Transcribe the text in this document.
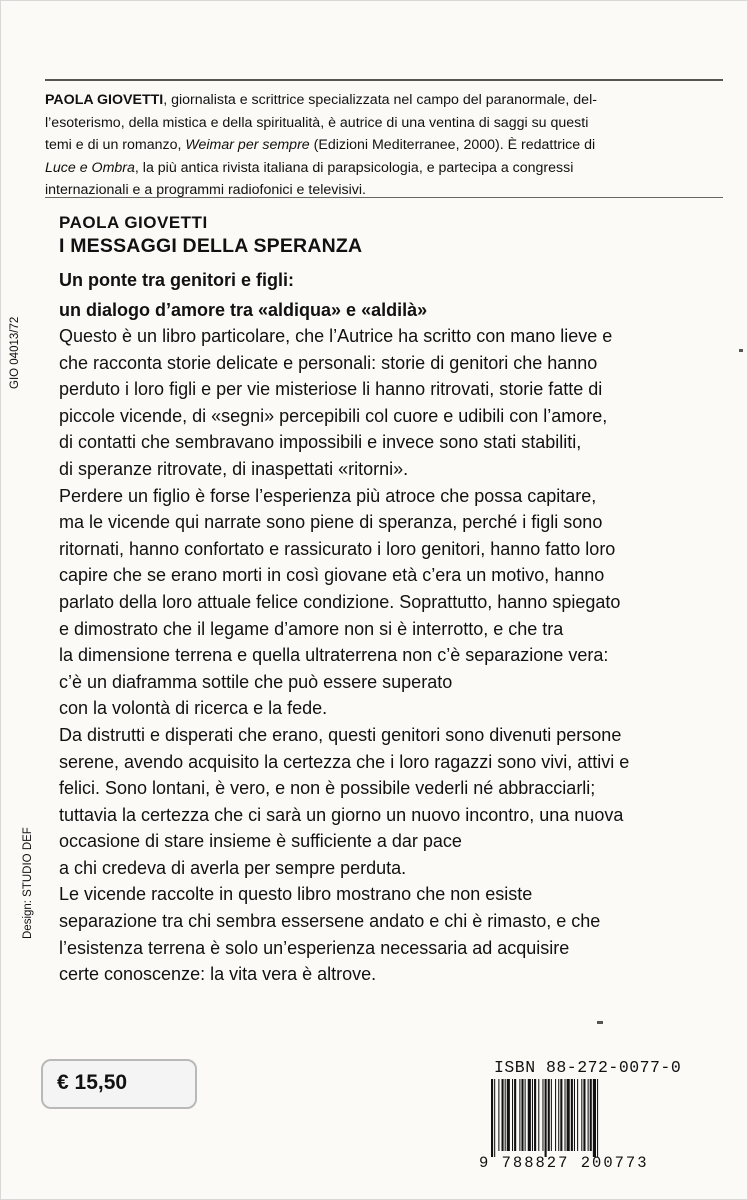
PAOLA GIOVETTI, giornalista e scrittrice specializzata nel campo del paranormale, del-
l’esoterismo, della mistica e della spiritualità, è autrice di una ventina di saggi su questi
temi e di un romanzo, Weimar per sempre (Edizioni Mediterranee, 2000). È redattrice di
Luce e Ombra, la più antica rivista italiana di parapsicologia, e partecipa a congressi
internazionali e a programmi radiofonici e televisivi.
PAOLA GIOVETTI
I MESSAGGI DELLA SPERANZA
Un ponte tra genitori e figli:
un dialogo d’amore tra «aldiqua» e «aldilà»
Questo è un libro particolare, che l’Autrice ha scritto con mano lieve e
che racconta storie delicate e personali: storie di genitori che hanno
perduto i loro figli e per vie misteriose li hanno ritrovati, storie fatte di
piccole vicende, di «segni» percepibili col cuore e udibili con l’amore,
di contatti che sembravano impossibili e invece sono stati stabiliti,
di speranze ritrovate, di inaspettati «ritorni».
Perdere un figlio è forse l’esperienza più atroce che possa capitare,
ma le vicende qui narrate sono piene di speranza, perché i figli sono
ritornati, hanno confortato e rassicurato i loro genitori, hanno fatto loro
capire che se erano morti in così giovane età c’era un motivo, hanno
parlato della loro attuale felice condizione. Soprattutto, hanno spiegato
e dimostrato che il legame d’amore non si è interrotto, e che tra
la dimensione terrena e quella ultraterrena non c’è separazione vera:
c’è un diaframma sottile che può essere superato
con la volontà di ricerca e la fede.
Da distrutti e disperati che erano, questi genitori sono divenuti persone
serene, avendo acquisito la certezza che i loro ragazzi sono vivi, attivi e
felici. Sono lontani, è vero, e non è possibile vederli né abbracciarli;
tuttavia la certezza che ci sarà un giorno un nuovo incontro, una nuova
occasione di stare insieme è sufficiente a dar pace
a chi credeva di averla per sempre perduta.
Le vicende raccolte in questo libro mostrano che non esiste
separazione tra chi sembra essersene andato e chi è rimasto, e che
l’esistenza terrena è solo un’esperienza necessaria ad acquisire
certe conoscenze: la vita vera è altrove.
GIO 04013/72
Design: STUDIO DEF
€ 15,50
ISBN 88-272-0077-0
9 788827 200773
